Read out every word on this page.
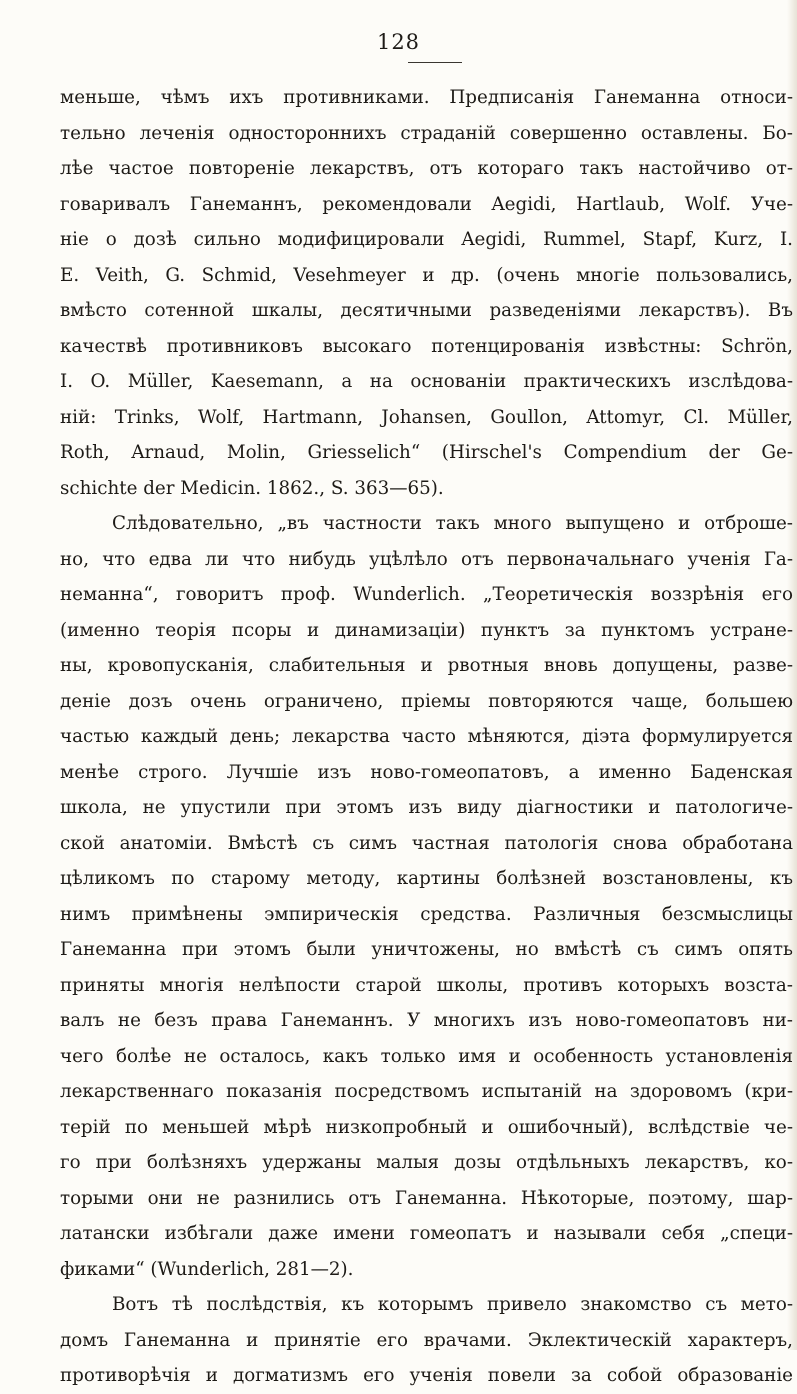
128
меньше, чѣмъ ихъ противниками. Предписанія Ганеманна относи-
тельно леченія одностороннихъ страданій совершенно оставлены. Бо-
лѣе частое повтореніе лекарствъ, отъ котораго такъ настойчиво от-
говаривалъ Ганеманнъ, рекомендовали Aegidi, Hartlaub, Wolf. Уче-
ніе о дозѣ сильно модифицировали Aegidi, Rummel, Stapf, Kurz, I.
E. Veith, G. Schmid, Vesehmeyer и др. (очень многіе пользовались,
вмѣсто сотенной шкалы, десятичными разведеніями лекарствъ). Въ
качествѣ противниковъ высокаго потенцированія извѣстны: Schrön,
I. O. Müller, Kaesemann, а на основаніи практическихъ изслѣдова-
ній: Trinks, Wolf, Hartmann, Johansen, Goullon, Attomyr, Cl. Müller,
Roth, Arnaud, Molin, Griesselich“ (Hirschel's Compendium der Ge-
schichte der Medicin. 1862., S. 363—65).
Слѣдовательно, „въ частности такъ много выпущено и отброше-
но, что едва ли что нибудь уцѣлѣло отъ первоначальнаго ученія Га-
неманна“, говоритъ проф. Wunderlich. „Теоретическія воззрѣнія его
(именно теорія псоры и динамизаціи) пунктъ за пунктомъ устране-
ны, кровопусканія, слабительныя и рвотныя вновь допущены, разве-
деніе дозъ очень ограничено, пріемы повторяются чаще, большею
частью каждый день; лекарства часто мѣняются, діэта формулируется
менѣе строго. Лучшіе изъ ново-гомеопатовъ, а именно Баденская
школа, не упустили при этомъ изъ виду діагностики и патологиче-
ской анатоміи. Вмѣстѣ съ симъ частная патологія снова обработана
цѣликомъ по старому методу, картины болѣзней возстановлены, къ
нимъ примѣнены эмпирическія средства. Различныя безсмыслицы
Ганеманна при этомъ были уничтожены, но вмѣстѣ съ симъ опять
приняты многія нелѣпости старой школы, противъ которыхъ возста-
валъ не безъ права Ганеманнъ. У многихъ изъ ново-гомеопатовъ ни-
чего болѣе не осталось, какъ только имя и особенность установленія
лекарственнаго показанія посредствомъ испытаній на здоровомъ (кри-
терій по меньшей мѣрѣ низкопробный и ошибочный), вслѣдствіе че-
го при болѣзняхъ удержаны малыя дозы отдѣльныхъ лекарствъ, ко-
торыми они не разнились отъ Ганеманна. Нѣкоторые, поэтому, шар-
латански избѣгали даже имени гомеопатъ и называли себя „специ-
фиками“ (Wunderlich, 281—2).
Вотъ тѣ послѣдствія, къ которымъ привело знакомство съ мето-
домъ Ганеманна и принятіе его врачами. Эклектическій характеръ,
противорѣчія и догматизмъ его ученія повели за собой образованіе
